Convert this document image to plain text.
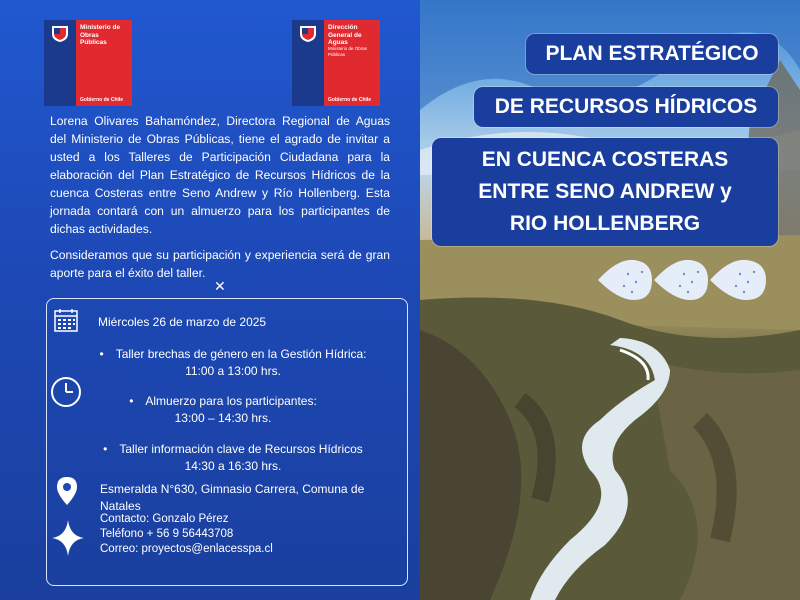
Ministerio de
Obras
Públicas
Gobierno de Chile
Dirección
General de
Aguas
Ministerio de Obras Públicas
Gobierno de Chile

Lorena Olivares Bahamóndez, Directora Regional de Aguas del Ministerio de Obras Públicas, tiene el agrado de invitar a usted a los Talleres de Participación Ciudadana para la elaboración del Plan Estratégico de Recursos Hídricos de la cuenca Costeras entre Seno Andrew y Río Hollenberg. Esta jornada contará con un almuerzo para los participantes de dichas actividades.

Consideramos que su participación y experiencia será de gran aporte para el éxito del taller.

✕
Miércoles 26 de marzo de 2025
• Taller brechas de género en la Gestión Hídrica:
11:00 a 13:00 hrs.
• Almuerzo para los participantes:
13:00 – 14:30 hrs.
• Taller información clave de Recursos Hídricos
14:30 a 16:30 hrs.
Esmeralda N°630, Gimnasio Carrera, Comuna de Natales
Contacto: Gonzalo Pérez
Teléfono + 56 9 56443708
Correo: proyectos@enlacesspa.cl
PLAN ESTRATÉGICO
DE RECURSOS HÍDRICOS
EN CUENCA COSTERAS
ENTRE SENO ANDREW y
RIO HOLLENBERG
